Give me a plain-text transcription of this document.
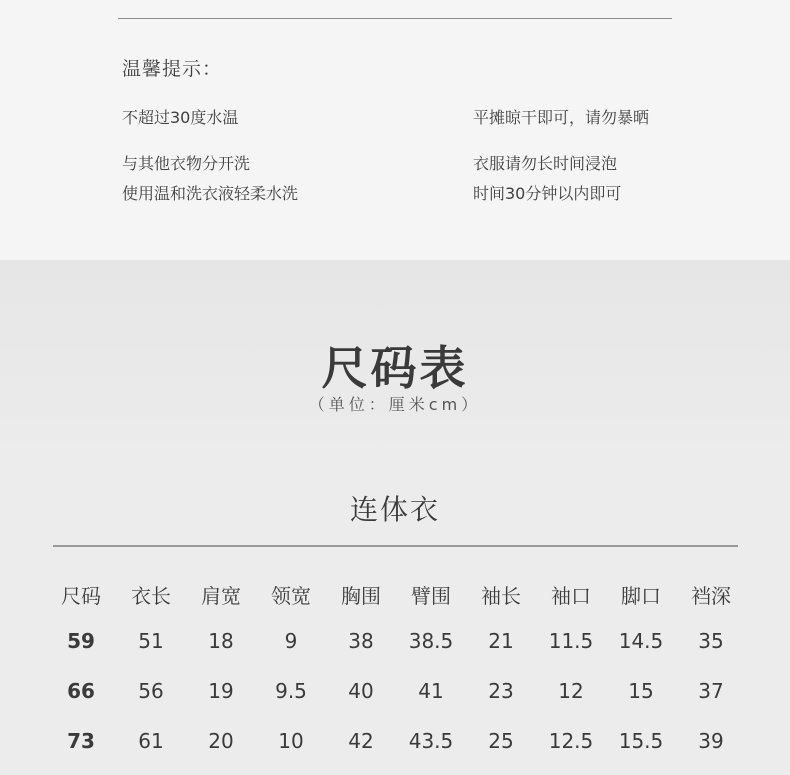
温馨提示：
不超过30度水温	平摊晾干即可，请勿暴晒
与其他衣物分开洗	衣服请勿长时间浸泡
使用温和洗衣液轻柔水洗	时间30分钟以内即可
尺码表
（单位：厘米cm）
连体衣
尺码	衣长	肩宽	领宽	胸围	臂围	袖长	袖口	脚口	裆深
59	51	18	9	38	38.5	21	11.5	14.5	35
66	56	19	9.5	40	41	23	12	15	37
73	61	20	10	42	43.5	25	12.5	15.5	39
